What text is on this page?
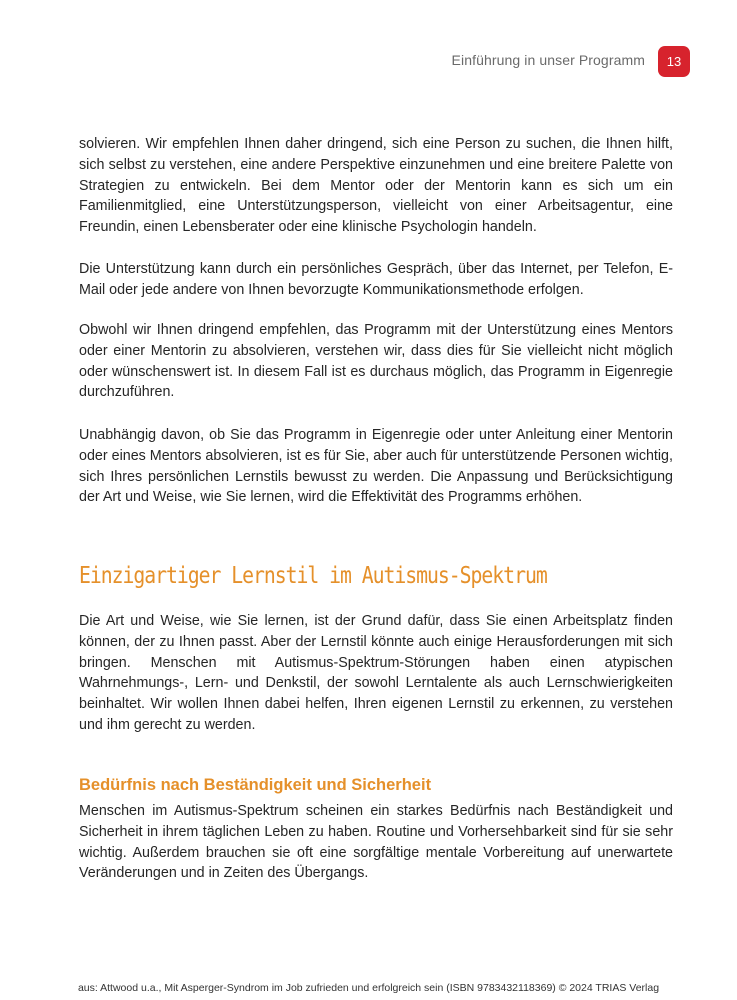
Einführung in unser Programm	13

solvieren. Wir empfehlen Ihnen daher dringend, sich eine Person zu suchen, die Ihnen hilft, sich selbst zu verstehen, eine andere Perspektive einzunehmen und eine breitere Palette von Strategien zu entwickeln. Bei dem Mentor oder der Mentorin kann es sich um ein Familienmitglied, eine Unterstützungsperson, vielleicht von einer Arbeitsagentur, eine Freundin, einen Lebensberater oder eine klinische Psychologin handeln.

Die Unterstützung kann durch ein persönliches Gespräch, über das Internet, per Telefon, E-Mail oder jede andere von Ihnen bevorzugte Kommunikationsmethode erfolgen.

Obwohl wir Ihnen dringend empfehlen, das Programm mit der Unterstützung eines Mentors oder einer Mentorin zu absolvieren, verstehen wir, dass dies für Sie vielleicht nicht möglich oder wünschenswert ist. In diesem Fall ist es durchaus möglich, das Programm in Eigenregie durchzuführen.

Unabhängig davon, ob Sie das Programm in Eigenregie oder unter Anleitung einer Mentorin oder eines Mentors absolvieren, ist es für Sie, aber auch für unterstützende Personen wichtig, sich Ihres persönlichen Lernstils bewusst zu werden. Die Anpassung und Berücksichtigung der Art und Weise, wie Sie lernen, wird die Effektivität des Programms erhöhen.

Einzigartiger Lernstil im Autismus-Spektrum

Die Art und Weise, wie Sie lernen, ist der Grund dafür, dass Sie einen Arbeitsplatz finden können, der zu Ihnen passt. Aber der Lernstil könnte auch einige Herausforderungen mit sich bringen. Menschen mit Autismus-Spektrum-Störungen haben einen atypischen Wahrnehmungs-, Lern- und Denkstil, der sowohl Lerntalente als auch Lernschwierigkeiten beinhaltet. Wir wollen Ihnen dabei helfen, Ihren eigenen Lernstil zu erkennen, zu verstehen und ihm gerecht zu werden.

Bedürfnis nach Beständigkeit und Sicherheit

Menschen im Autismus-Spektrum scheinen ein starkes Bedürfnis nach Beständigkeit und Sicherheit in ihrem täglichen Leben zu haben. Routine und Vorhersehbarkeit sind für sie sehr wichtig. Außerdem brauchen sie oft eine sorgfältige mentale Vorbereitung auf unerwartete Veränderungen und in Zeiten des Übergangs.

aus: Attwood u.a., Mit Asperger-Syndrom im Job zufrieden und erfolgreich sein (ISBN 9783432118369) © 2024 TRIAS Verlag
